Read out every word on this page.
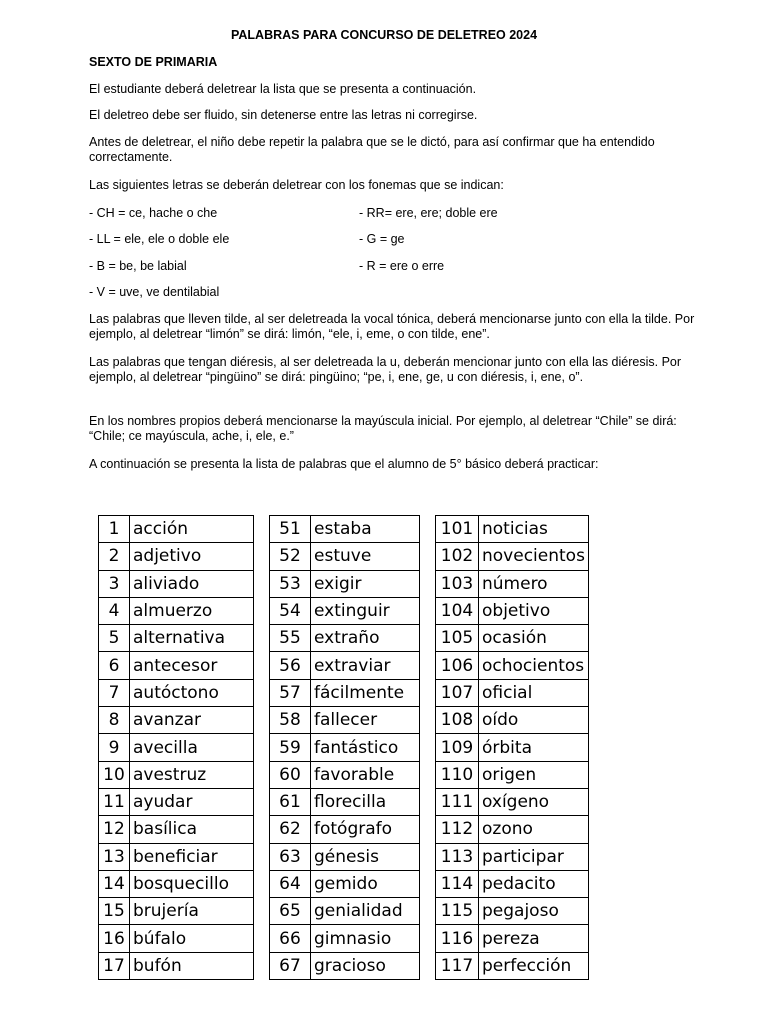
PALABRAS PARA CONCURSO DE DELETREO 2024
SEXTO DE PRIMARIA

El estudiante deberá deletrear la lista que se presenta a continuación.

El deletreo debe ser fluido, sin detenerse entre las letras ni corregirse.

Antes de deletrear, el niño debe repetir la palabra que se le dictó, para así confirmar que ha entendido correctamente.

Las siguientes letras se deberán deletrear con los fonemas que se indican:

- CH = ce, hache o che	- RR= ere, ere; doble ere
- LL = ele, ele o doble ele	- G = ge
- B = be, be labial	- R = ere o erre
- V = uve, ve dentilabial

Las palabras que lleven tilde, al ser deletreada la vocal tónica, deberá mencionarse junto con ella la tilde. Por ejemplo, al deletrear “limón” se dirá: limón, “ele, i, eme, o con tilde, ene”.

Las palabras que tengan diéresis, al ser deletreada la u, deberán mencionar junto con ella las diéresis. Por ejemplo, al deletrear “pingüino” se dirá: pingüino; “pe, i, ene, ge, u con diéresis, i, ene, o”.

En los nombres propios deberá mencionarse la mayúscula inicial. Por ejemplo, al deletrear “Chile” se dirá: “Chile; ce mayúscula, ache, i, ele, e.”

A continuación se presenta la lista de palabras que el alumno de 5° básico deberá practicar:

1	acción
2	adjetivo
3	aliviado
4	almuerzo
5	alternativa
6	antecesor
7	autóctono
8	avanzar
9	avecilla
10	avestruz
11	ayudar
12	basílica
13	beneficiar
14	bosquecillo
15	brujería
16	búfalo
17	bufón
51	estaba
52	estuve
53	exigir
54	extinguir
55	extraño
56	extraviar
57	fácilmente
58	fallecer
59	fantástico
60	favorable
61	florecilla
62	fotógrafo
63	génesis
64	gemido
65	genialidad
66	gimnasio
67	gracioso
101	noticias
102	novecientos
103	número
104	objetivo
105	ocasión
106	ochocientos
107	oficial
108	oído
109	órbita
110	origen
111	oxígeno
112	ozono
113	participar
114	pedacito
115	pegajoso
116	pereza
117	perfección
